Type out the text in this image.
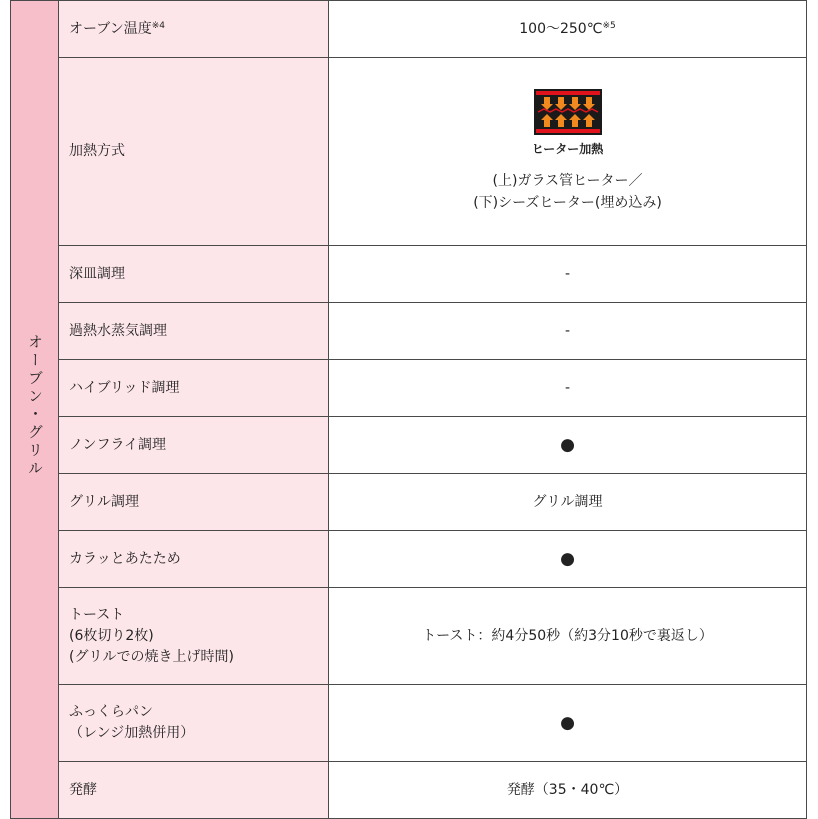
オーブン・グリル	オーブン温度$^{※4}$	100〜250℃$^{※5}$
	加熱方式	ヒーター加熱
(上)ガラス管ヒーター／
(下)シーズヒーター(埋め込み)

	深皿調理	-
	過熱水蒸気調理	-
	ハイブリッド調理	-
	ノンフライ調理	●
	グリル調理	グリル調理
	カラッとあたため	●

	トースト
(6枚切り2枚)
(グリルでの焼き上げ時間)	トースト：約4分50秒（約3分10秒で裏返し）

	ふっくらパン
（レンジ加熱併用）	●
	発酵	発酵（35・40℃）
